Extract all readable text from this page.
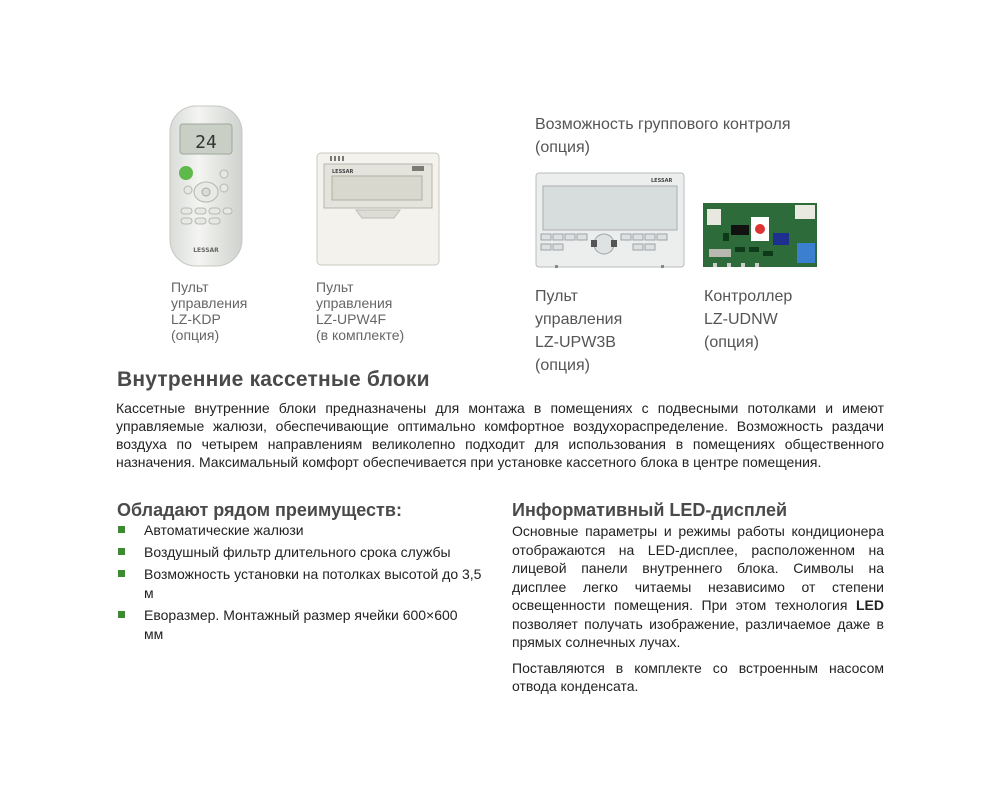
24
LESSAR
LESSAR
LESSAR
Пульт
управления
LZ-KDP
(опция)
Пульт
управления
LZ-UPW4F
(в комплекте)
Возможность группового контроля
(опция)
Пульт
управления
LZ-UPW3B
(опция)
Контроллер
LZ-UDNW
(опция)
Внутренние кассетные блоки
Кассетные внутренние блоки предназначены для монтажа в помещениях с подвесными потолками и имеют управляемые жалюзи, обеспечивающие оптимально комфортное воздухораспределение. Возможность раздачи воздуха по четырем направлениям великолепно подходит для использования в помещениях общественного назначения. Максимальный комфорт обеспечивается при установке кассетного блока в центре помещения.
Обладают рядом преимуществ:
Автоматические жалюзи
Воздушный фильтр длительного срока службы
Возможность установки на потолках высотой до 3,5 м
Еворазмер. Монтажный размер ячейки 600×600 мм
Информативный LED-дисплей

Основные параметры и режимы работы кондиционера отображаются на LED-дисплее, расположенном на лицевой панели внутреннего блока. Символы на дисплее легко читаемы независимо от степени освещенности помещения. При этом технология LED позволяет получать изображение, различаемое даже в прямых солнечных лучах.

Поставляются в комплекте со встроенным насосом отвода конденсата.
